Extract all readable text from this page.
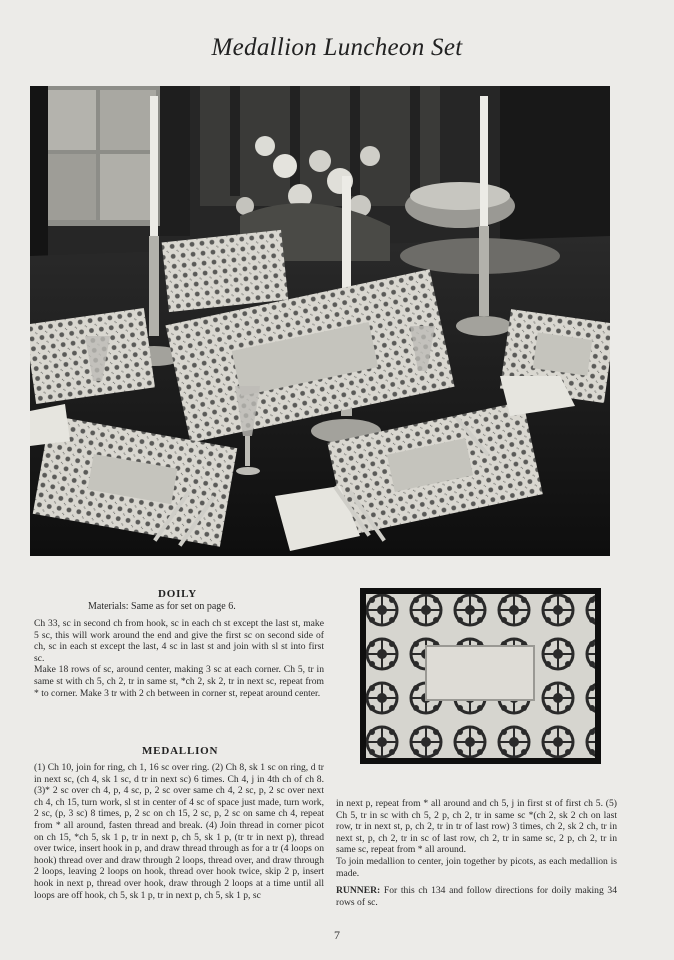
Medallion Luncheon Set
DOILY
Materials: Same as for set on page 6.

Ch 33, sc in second ch from hook, sc in each ch st except the last st, make 5 sc, this will work around the end and give the first sc on second side of ch, sc in each st except the last, 4 sc in last st and join with sl st into first sc.

Make 18 rows of sc, around center, making 3 sc at each corner. Ch 5, tr in same st with ch 5, ch 2, tr in same st, *ch 2, sk 2, tr in next sc, repeat from * to corner. Make 3 tr with 2 ch between in corner st, repeat around center.

MEDALLION
(1) Ch 10, join for ring, ch 1, 16 sc over ring. (2) Ch 8, sk 1 sc on ring, d tr in next sc, (ch 4, sk 1 sc, d tr in next sc) 6 times. Ch 4, j in 4th ch of ch 8. (3)* 2 sc over ch 4, p, 4 sc, p, 2 sc over same ch 4, 2 sc, p, 2 sc over next ch 4, ch 15, turn work, sl st in center of 4 sc of space just made, turn work, 2 sc, (p, 3 sc) 8 times, p, 2 sc on ch 15, 2 sc, p, 2 sc on same ch 4, repeat from * all around, fasten thread and break. (4) Join thread in corner picot on ch 15, *ch 5, sk 1 p, tr in next p, ch 5, sk 1 p, (tr tr in next p), thread over twice, insert hook in p, and draw thread through as for a tr (4 loops on hook) thread over and draw through 2 loops, thread over, and draw through 2 loops, leaving 2 loops on hook, thread over hook twice, skip 2 p, insert hook in next p, thread over hook, draw through 2 loops at a time until all loops are off hook, ch 5, sk 1 p, tr in next p, ch 5, sk 1 p, sc

in next p, repeat from * all around and ch 5, j in first st of first ch 5. (5) Ch 5, tr in sc with ch 5, 2 p, ch 2, tr in same sc *(ch 2, sk 2 ch on last row, tr in next st, p, ch 2, tr in tr of last row) 3 times, ch 2, sk 2 ch, tr in next st, p, ch 2, tr in sc of last row, ch 2, tr in same sc, 2 p, ch 2, tr in same sc, repeat from * all around.

To join medallion to center, join together by picots, as each medallion is made.

RUNNER: For this ch 134 and follow directions for doily making 34 rows of sc.

7
